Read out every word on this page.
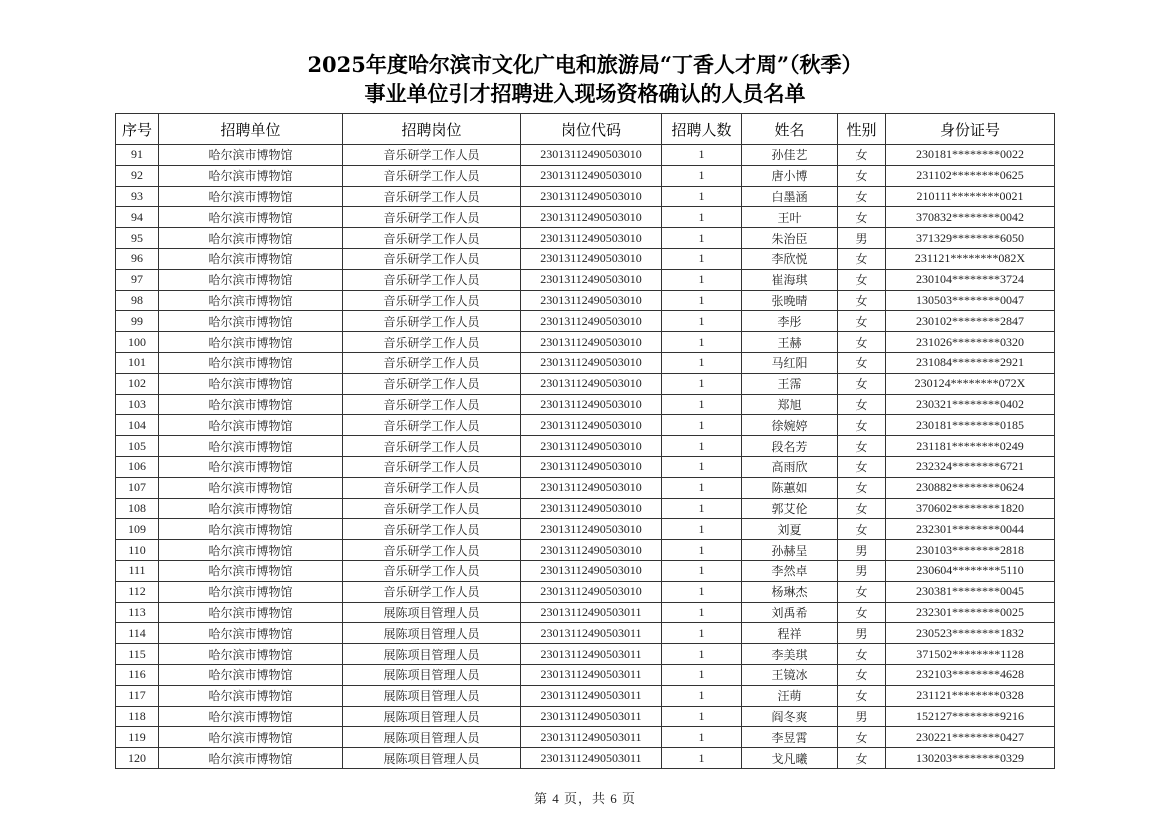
2025年度哈尔滨市文化广电和旅游局“丁香人才周”（秋季）
事业单位引才招聘进入现场资格确认的人员名单
序号	招聘单位	招聘岗位	岗位代码	招聘人数	姓名	性别	身份证号
91	哈尔滨市博物馆	音乐研学工作人员	23013112490503010	1	孙佳艺	女	230181********0022
92	哈尔滨市博物馆	音乐研学工作人员	23013112490503010	1	唐小博	女	231102********0625
93	哈尔滨市博物馆	音乐研学工作人员	23013112490503010	1	白墨涵	女	210111********0021
94	哈尔滨市博物馆	音乐研学工作人员	23013112490503010	1	王叶	女	370832********0042
95	哈尔滨市博物馆	音乐研学工作人员	23013112490503010	1	朱治臣	男	371329********6050
96	哈尔滨市博物馆	音乐研学工作人员	23013112490503010	1	李欣悦	女	231121********082X
97	哈尔滨市博物馆	音乐研学工作人员	23013112490503010	1	崔海琪	女	230104********3724
98	哈尔滨市博物馆	音乐研学工作人员	23013112490503010	1	张晚晴	女	130503********0047
99	哈尔滨市博物馆	音乐研学工作人员	23013112490503010	1	李彤	女	230102********2847
100	哈尔滨市博物馆	音乐研学工作人员	23013112490503010	1	王赫	女	231026********0320
101	哈尔滨市博物馆	音乐研学工作人员	23013112490503010	1	马红阳	女	231084********2921
102	哈尔滨市博物馆	音乐研学工作人员	23013112490503010	1	王霈	女	230124********072X
103	哈尔滨市博物馆	音乐研学工作人员	23013112490503010	1	郑旭	女	230321********0402
104	哈尔滨市博物馆	音乐研学工作人员	23013112490503010	1	徐婉婷	女	230181********0185
105	哈尔滨市博物馆	音乐研学工作人员	23013112490503010	1	段名芳	女	231181********0249
106	哈尔滨市博物馆	音乐研学工作人员	23013112490503010	1	高雨欣	女	232324********6721
107	哈尔滨市博物馆	音乐研学工作人员	23013112490503010	1	陈蕙如	女	230882********0624
108	哈尔滨市博物馆	音乐研学工作人员	23013112490503010	1	郭艾伦	女	370602********1820
109	哈尔滨市博物馆	音乐研学工作人员	23013112490503010	1	刘夏	女	232301********0044
110	哈尔滨市博物馆	音乐研学工作人员	23013112490503010	1	孙赫呈	男	230103********2818
111	哈尔滨市博物馆	音乐研学工作人员	23013112490503010	1	李然卓	男	230604********5110
112	哈尔滨市博物馆	音乐研学工作人员	23013112490503010	1	杨琳杰	女	230381********0045
113	哈尔滨市博物馆	展陈项目管理人员	23013112490503011	1	刘禹希	女	232301********0025
114	哈尔滨市博物馆	展陈项目管理人员	23013112490503011	1	程祥	男	230523********1832
115	哈尔滨市博物馆	展陈项目管理人员	23013112490503011	1	李美琪	女	371502********1128
116	哈尔滨市博物馆	展陈项目管理人员	23013112490503011	1	王镜冰	女	232103********4628
117	哈尔滨市博物馆	展陈项目管理人员	23013112490503011	1	汪萌	女	231121********0328
118	哈尔滨市博物馆	展陈项目管理人员	23013112490503011	1	阎冬爽	男	152127********9216
119	哈尔滨市博物馆	展陈项目管理人员	23013112490503011	1	李昱霄	女	230221********0427
120	哈尔滨市博物馆	展陈项目管理人员	23013112490503011	1	戈凡曦	女	130203********0329
第 4 页，共 6 页
